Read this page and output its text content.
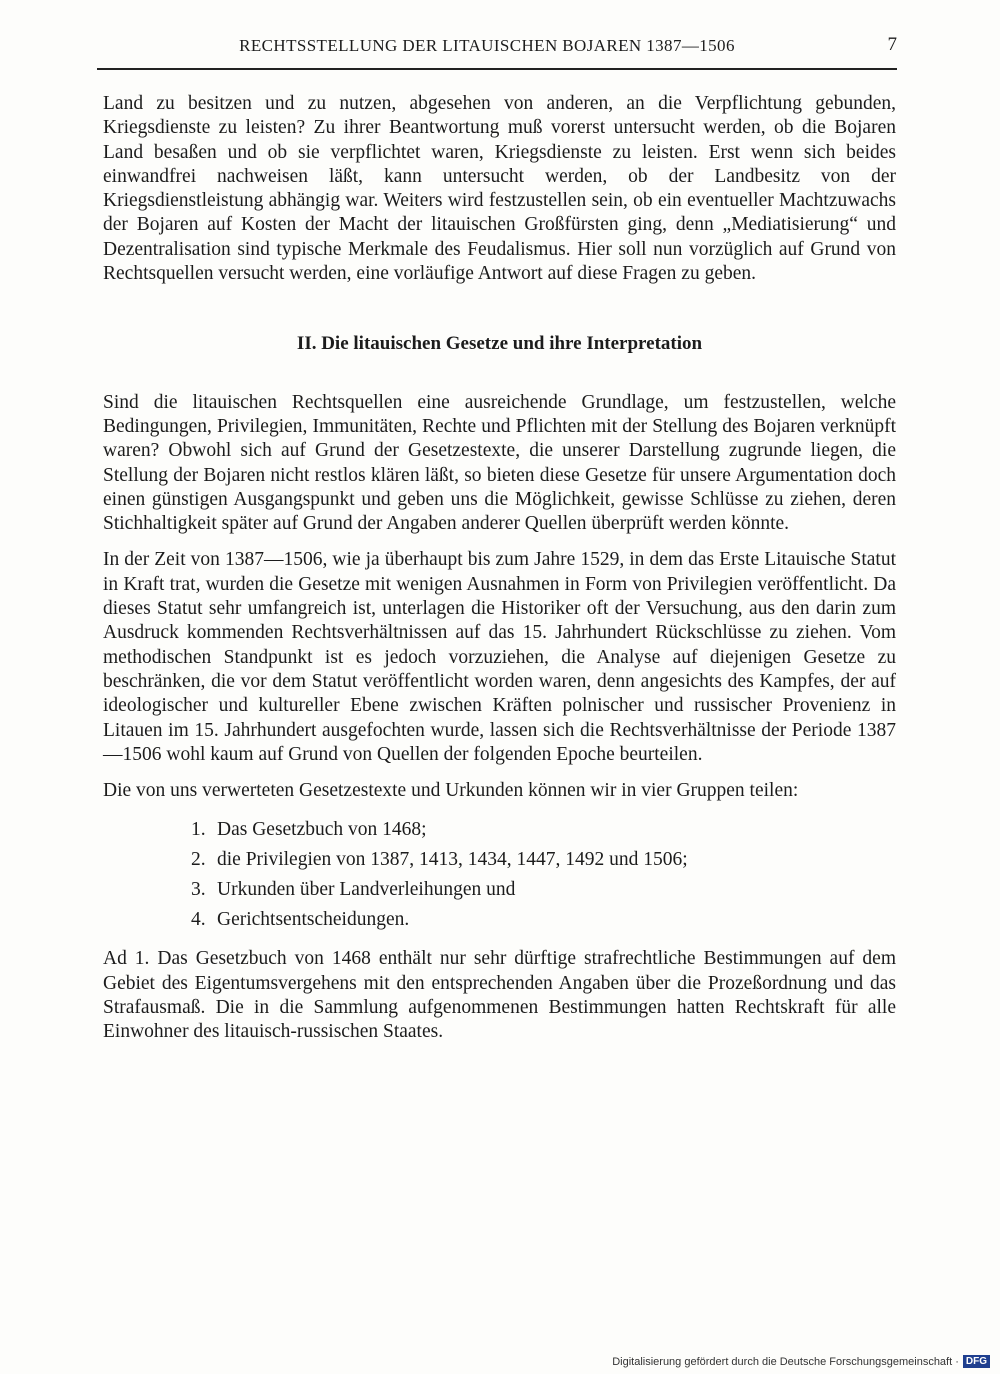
RECHTSSTELLUNG DER LITAUISCHEN BOJAREN 1387—1506	7

Land zu besitzen und zu nutzen, abgesehen von anderen, an die Verpflichtung gebunden, Kriegsdienste zu leisten? Zu ihrer Beantwortung muß vorerst untersucht werden, ob die Bojaren Land besaßen und ob sie verpflichtet waren, Kriegsdienste zu leisten. Erst wenn sich beides einwandfrei nachweisen läßt, kann untersucht werden, ob der Landbesitz von der Kriegsdienstleistung abhängig war. Weiters wird festzustellen sein, ob ein eventueller Machtzuwachs der Bojaren auf Kosten der Macht der litauischen Großfürsten ging, denn „Mediatisierung“ und Dezentralisation sind typische Merkmale des Feudalismus. Hier soll nun vorzüglich auf Grund von Rechtsquellen versucht werden, eine vorläufige Antwort auf diese Fragen zu geben.

II. Die litauischen Gesetze und ihre Interpretation

Sind die litauischen Rechtsquellen eine ausreichende Grundlage, um festzustellen, welche Bedingungen, Privilegien, Immunitäten, Rechte und Pflichten mit der Stellung des Bojaren verknüpft waren? Obwohl sich auf Grund der Gesetzestexte, die unserer Darstellung zugrunde liegen, die Stellung der Bojaren nicht restlos klären läßt, so bieten diese Gesetze für unsere Argumentation doch einen günstigen Ausgangspunkt und geben uns die Möglichkeit, gewisse Schlüsse zu ziehen, deren Stichhaltigkeit später auf Grund der Angaben anderer Quellen überprüft werden könnte.

In der Zeit von 1387—1506, wie ja überhaupt bis zum Jahre 1529, in dem das Erste Litauische Statut in Kraft trat, wurden die Gesetze mit wenigen Ausnahmen in Form von Privilegien veröffentlicht. Da dieses Statut sehr umfangreich ist, unterlagen die Historiker oft der Versuchung, aus den darin zum Ausdruck kommenden Rechtsverhältnissen auf das 15. Jahrhundert Rückschlüsse zu ziehen. Vom methodischen Standpunkt ist es jedoch vorzuziehen, die Analyse auf diejenigen Gesetze zu beschränken, die vor dem Statut veröffentlicht worden waren, denn angesichts des Kampfes, der auf ideologischer und kultureller Ebene zwischen Kräften polnischer und russischer Provenienz in Litauen im 15. Jahrhundert ausgefochten wurde, lassen sich die Rechtsverhältnisse der Periode 1387—1506 wohl kaum auf Grund von Quellen der folgenden Epoche beurteilen.

Die von uns verwerteten Gesetzestexte und Urkunden können wir in vier Gruppen teilen:

1. Das Gesetzbuch von 1468;
2. die Privilegien von 1387, 1413, 1434, 1447, 1492 und 1506;
3. Urkunden über Landverleihungen und
4. Gerichtsentscheidungen.

Ad 1. Das Gesetzbuch von 1468 enthält nur sehr dürftige strafrechtliche Bestimmungen auf dem Gebiet des Eigentumsvergehens mit den entsprechenden Angaben über die Prozeßordnung und das Strafausmaß. Die in die Sammlung aufgenommenen Bestimmungen hatten Rechtskraft für alle Einwohner des litauisch-russischen Staates.

Digitalisierung gefördert durch die Deutsche Forschungsgemeinschaft · DFG
